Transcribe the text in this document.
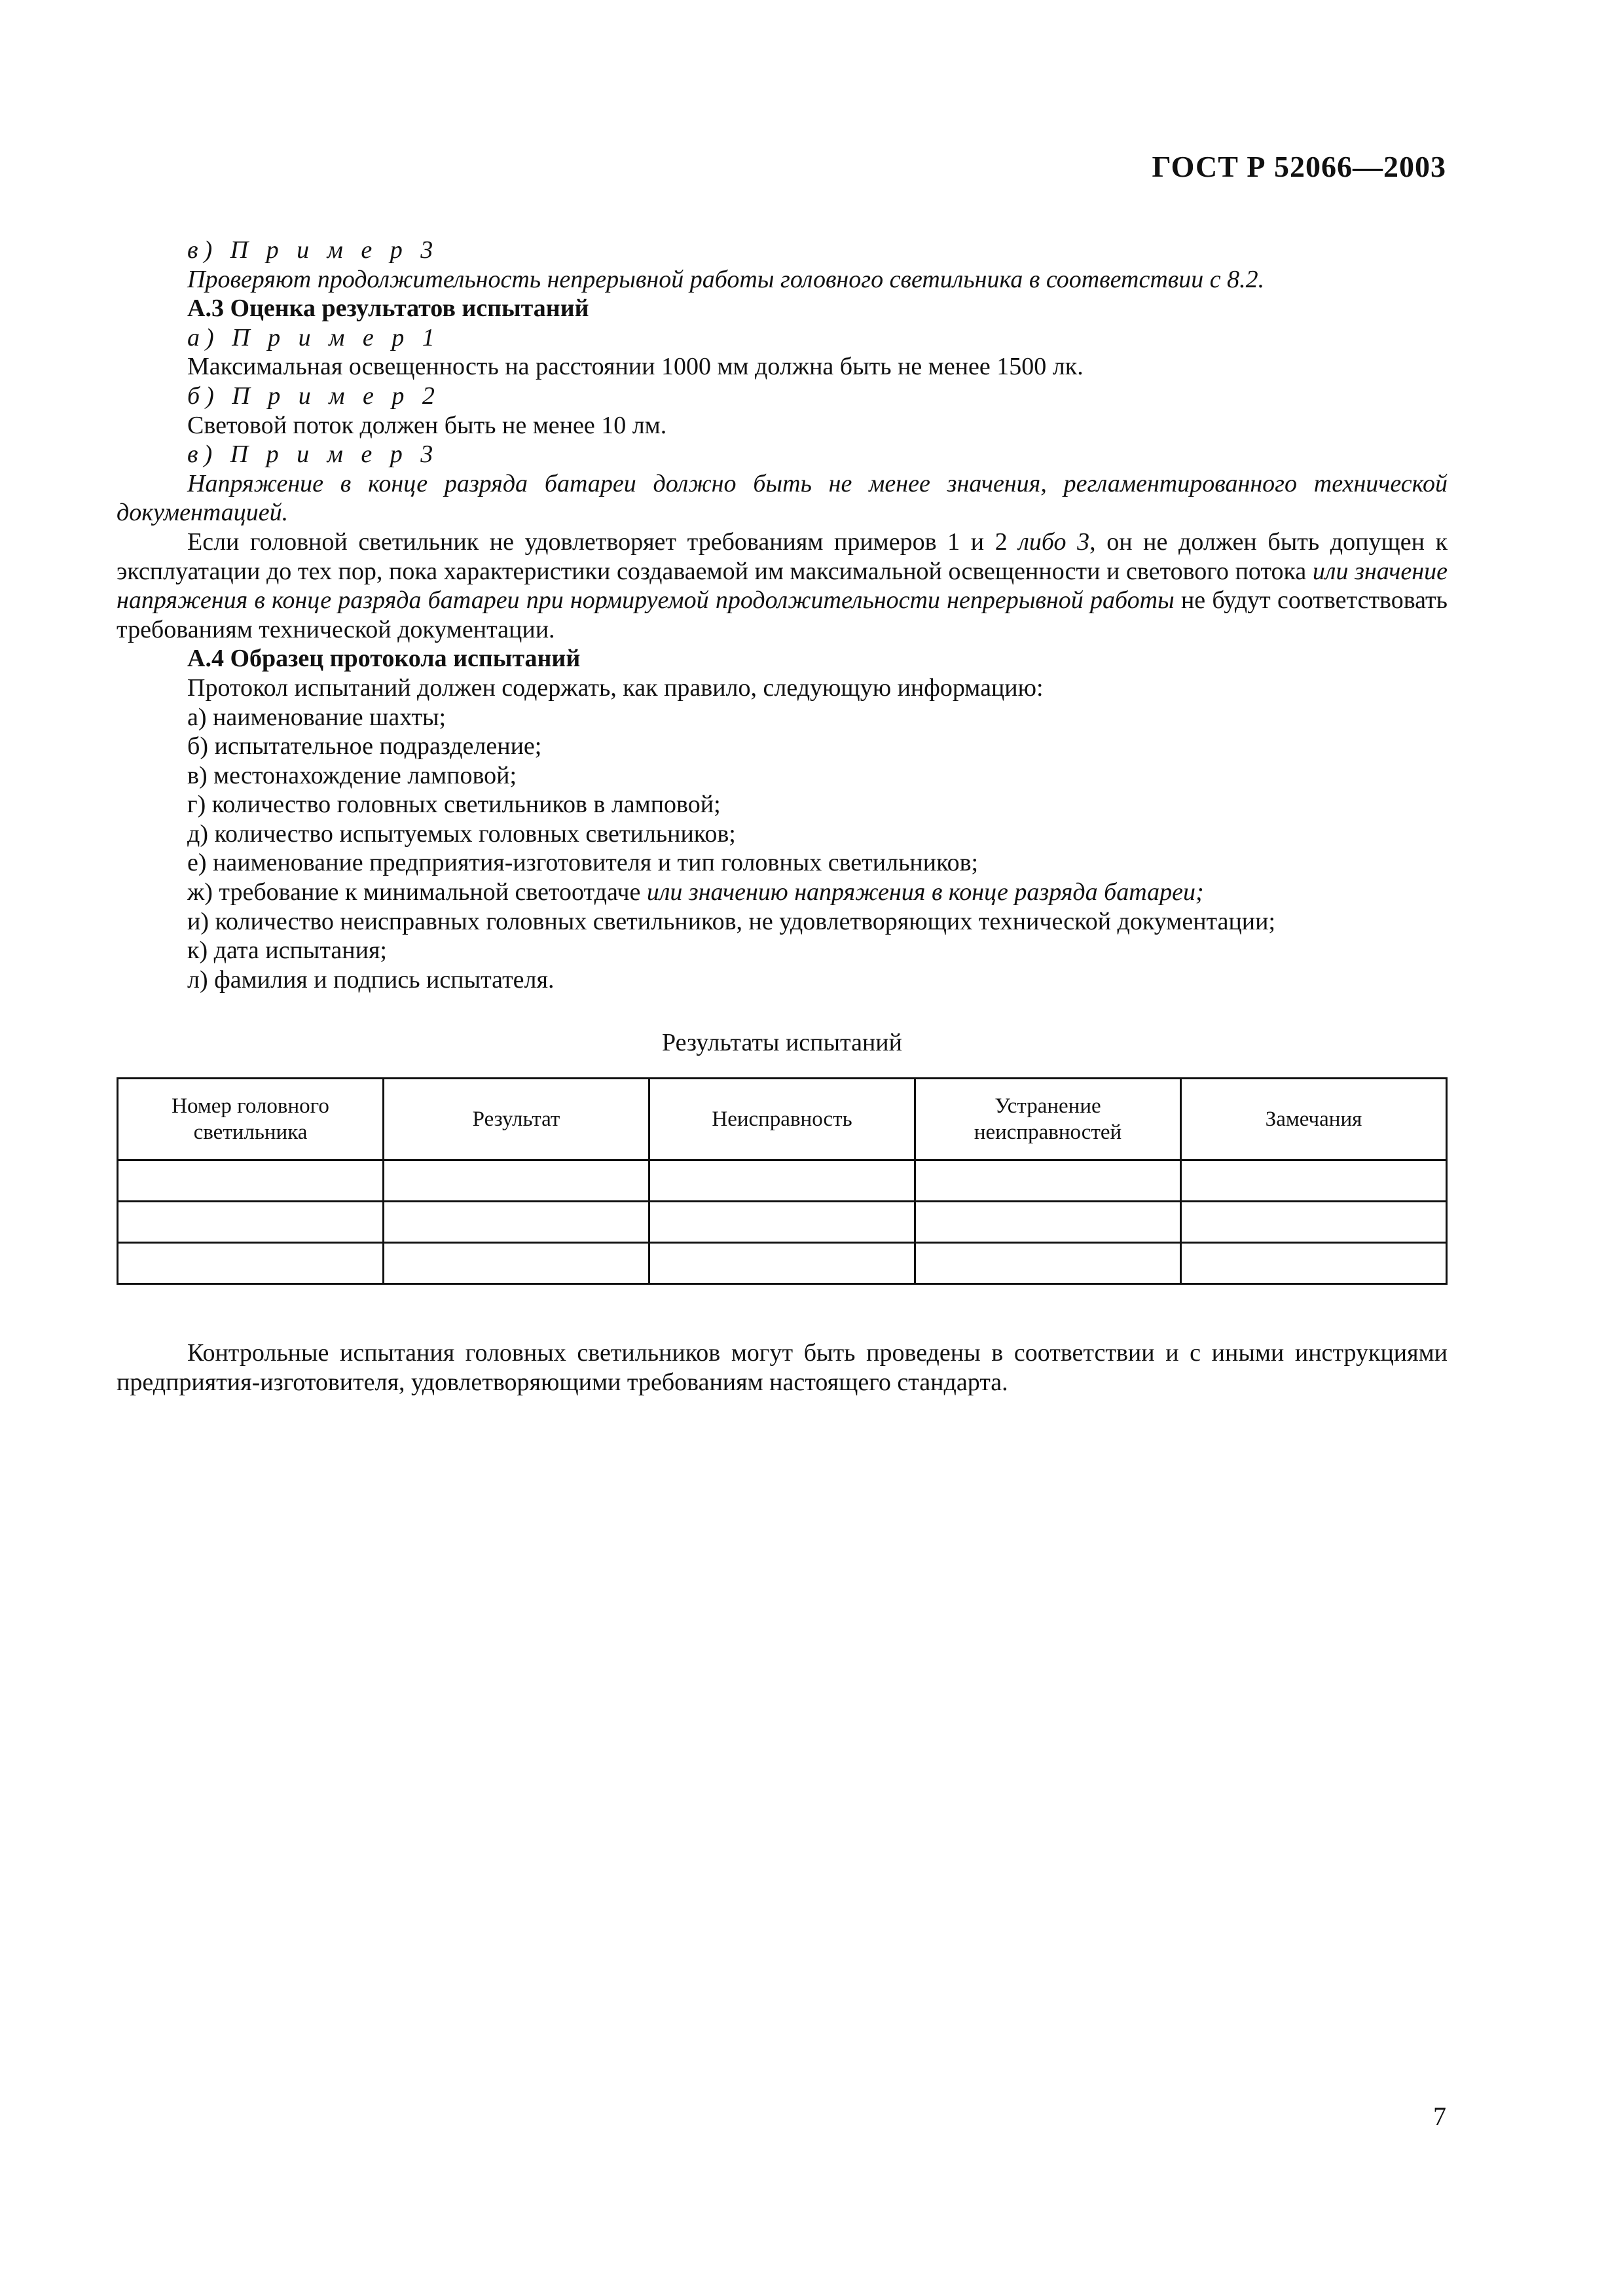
ГОСТ Р 52066—2003
в) П р и м е р 3
Проверяют продолжительность непрерывной работы головного светильника в соответствии с 8.2.
А.3 Оценка результатов испытаний
а) П р и м е р 1
Максимальная освещенность на расстоянии 1000 мм должна быть не менее 1500 лк.
б) П р и м е р 2
Световой поток должен быть не менее 10 лм.
в) П р и м е р 3
Напряжение в конце разряда батареи должно быть не менее значения, регламентированного технической документацией.
Если головной светильник не удовлетворяет требованиям примеров 1 и 2 либо 3, он не должен быть допущен к эксплуатации до тех пор, пока характеристики создаваемой им максимальной освещенности и светового потока или значение напряжения в конце разряда батареи при нормируемой продолжительности непрерывной работы не будут соответствовать требованиям технической документации.
А.4 Образец протокола испытаний
Протокол испытаний должен содержать, как правило, следующую информацию:
а) наименование шахты;
б) испытательное подразделение;
в) местонахождение ламповой;
г) количество головных светильников в ламповой;
д) количество испытуемых головных светильников;
е) наименование предприятия-изготовителя и тип головных светильников;
ж) требование к минимальной светоотдаче или значению напряжения в конце разряда батареи;
и) количество неисправных головных светильников, не удовлетворяющих технической документации;
к) дата испытания;
л) фамилия и подпись испытателя.
Результаты испытаний
Номер головного светильника	Результат	Неисправность	Устранение неисправностей	Замечания

Контрольные испытания головных светильников могут быть проведены в соответствии и с иными инструкциями предприятия-изготовителя, удовлетворяющими требованиям настоящего стандарта.
7
